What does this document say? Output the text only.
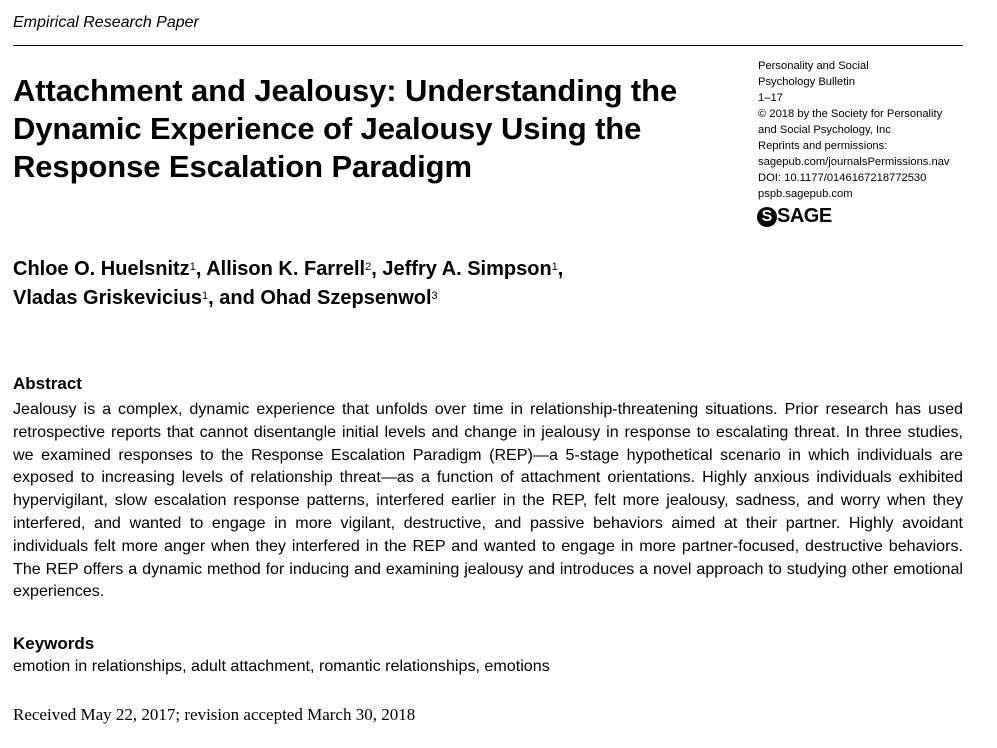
Empirical Research Paper
Attachment and Jealousy: Understanding the Dynamic Experience of Jealousy Using the Response Escalation Paradigm
Personality and Social
Psychology Bulletin
1–17
© 2018 by the Society for Personality
and Social Psychology, Inc
Reprints and permissions:
sagepub.com/journalsPermissions.nav
DOI: 10.1177/0146167218772530
pspb.sagepub.com
S SAGE
Chloe O. Huelsnitz$^1$, Allison K. Farrell$^2$, Jeffry A. Simpson$^1$,
Vladas Griskevicius$^1$, and Ohad Szepsenwol$^3$
Abstract
Jealousy is a complex, dynamic experience that unfolds over time in relationship-threatening situations. Prior research has used retrospective reports that cannot disentangle initial levels and change in jealousy in response to escalating threat. In three studies, we examined responses to the Response Escalation Paradigm (REP)—a 5-stage hypothetical scenario in which individuals are exposed to increasing levels of relationship threat—as a function of attachment orientations. Highly anxious individuals exhibited hypervigilant, slow escalation response patterns, interfered earlier in the REP, felt more jealousy, sadness, and worry when they interfered, and wanted to engage in more vigilant, destructive, and passive behaviors aimed at their partner. Highly avoidant individuals felt more anger when they interfered in the REP and wanted to engage in more partner-focused, destructive behaviors. The REP offers a dynamic method for inducing and examining jealousy and introduces a novel approach to studying other emotional experiences.
Keywords
emotion in relationships, adult attachment, romantic relationships, emotions
Received May 22, 2017; revision accepted March 30, 2018
